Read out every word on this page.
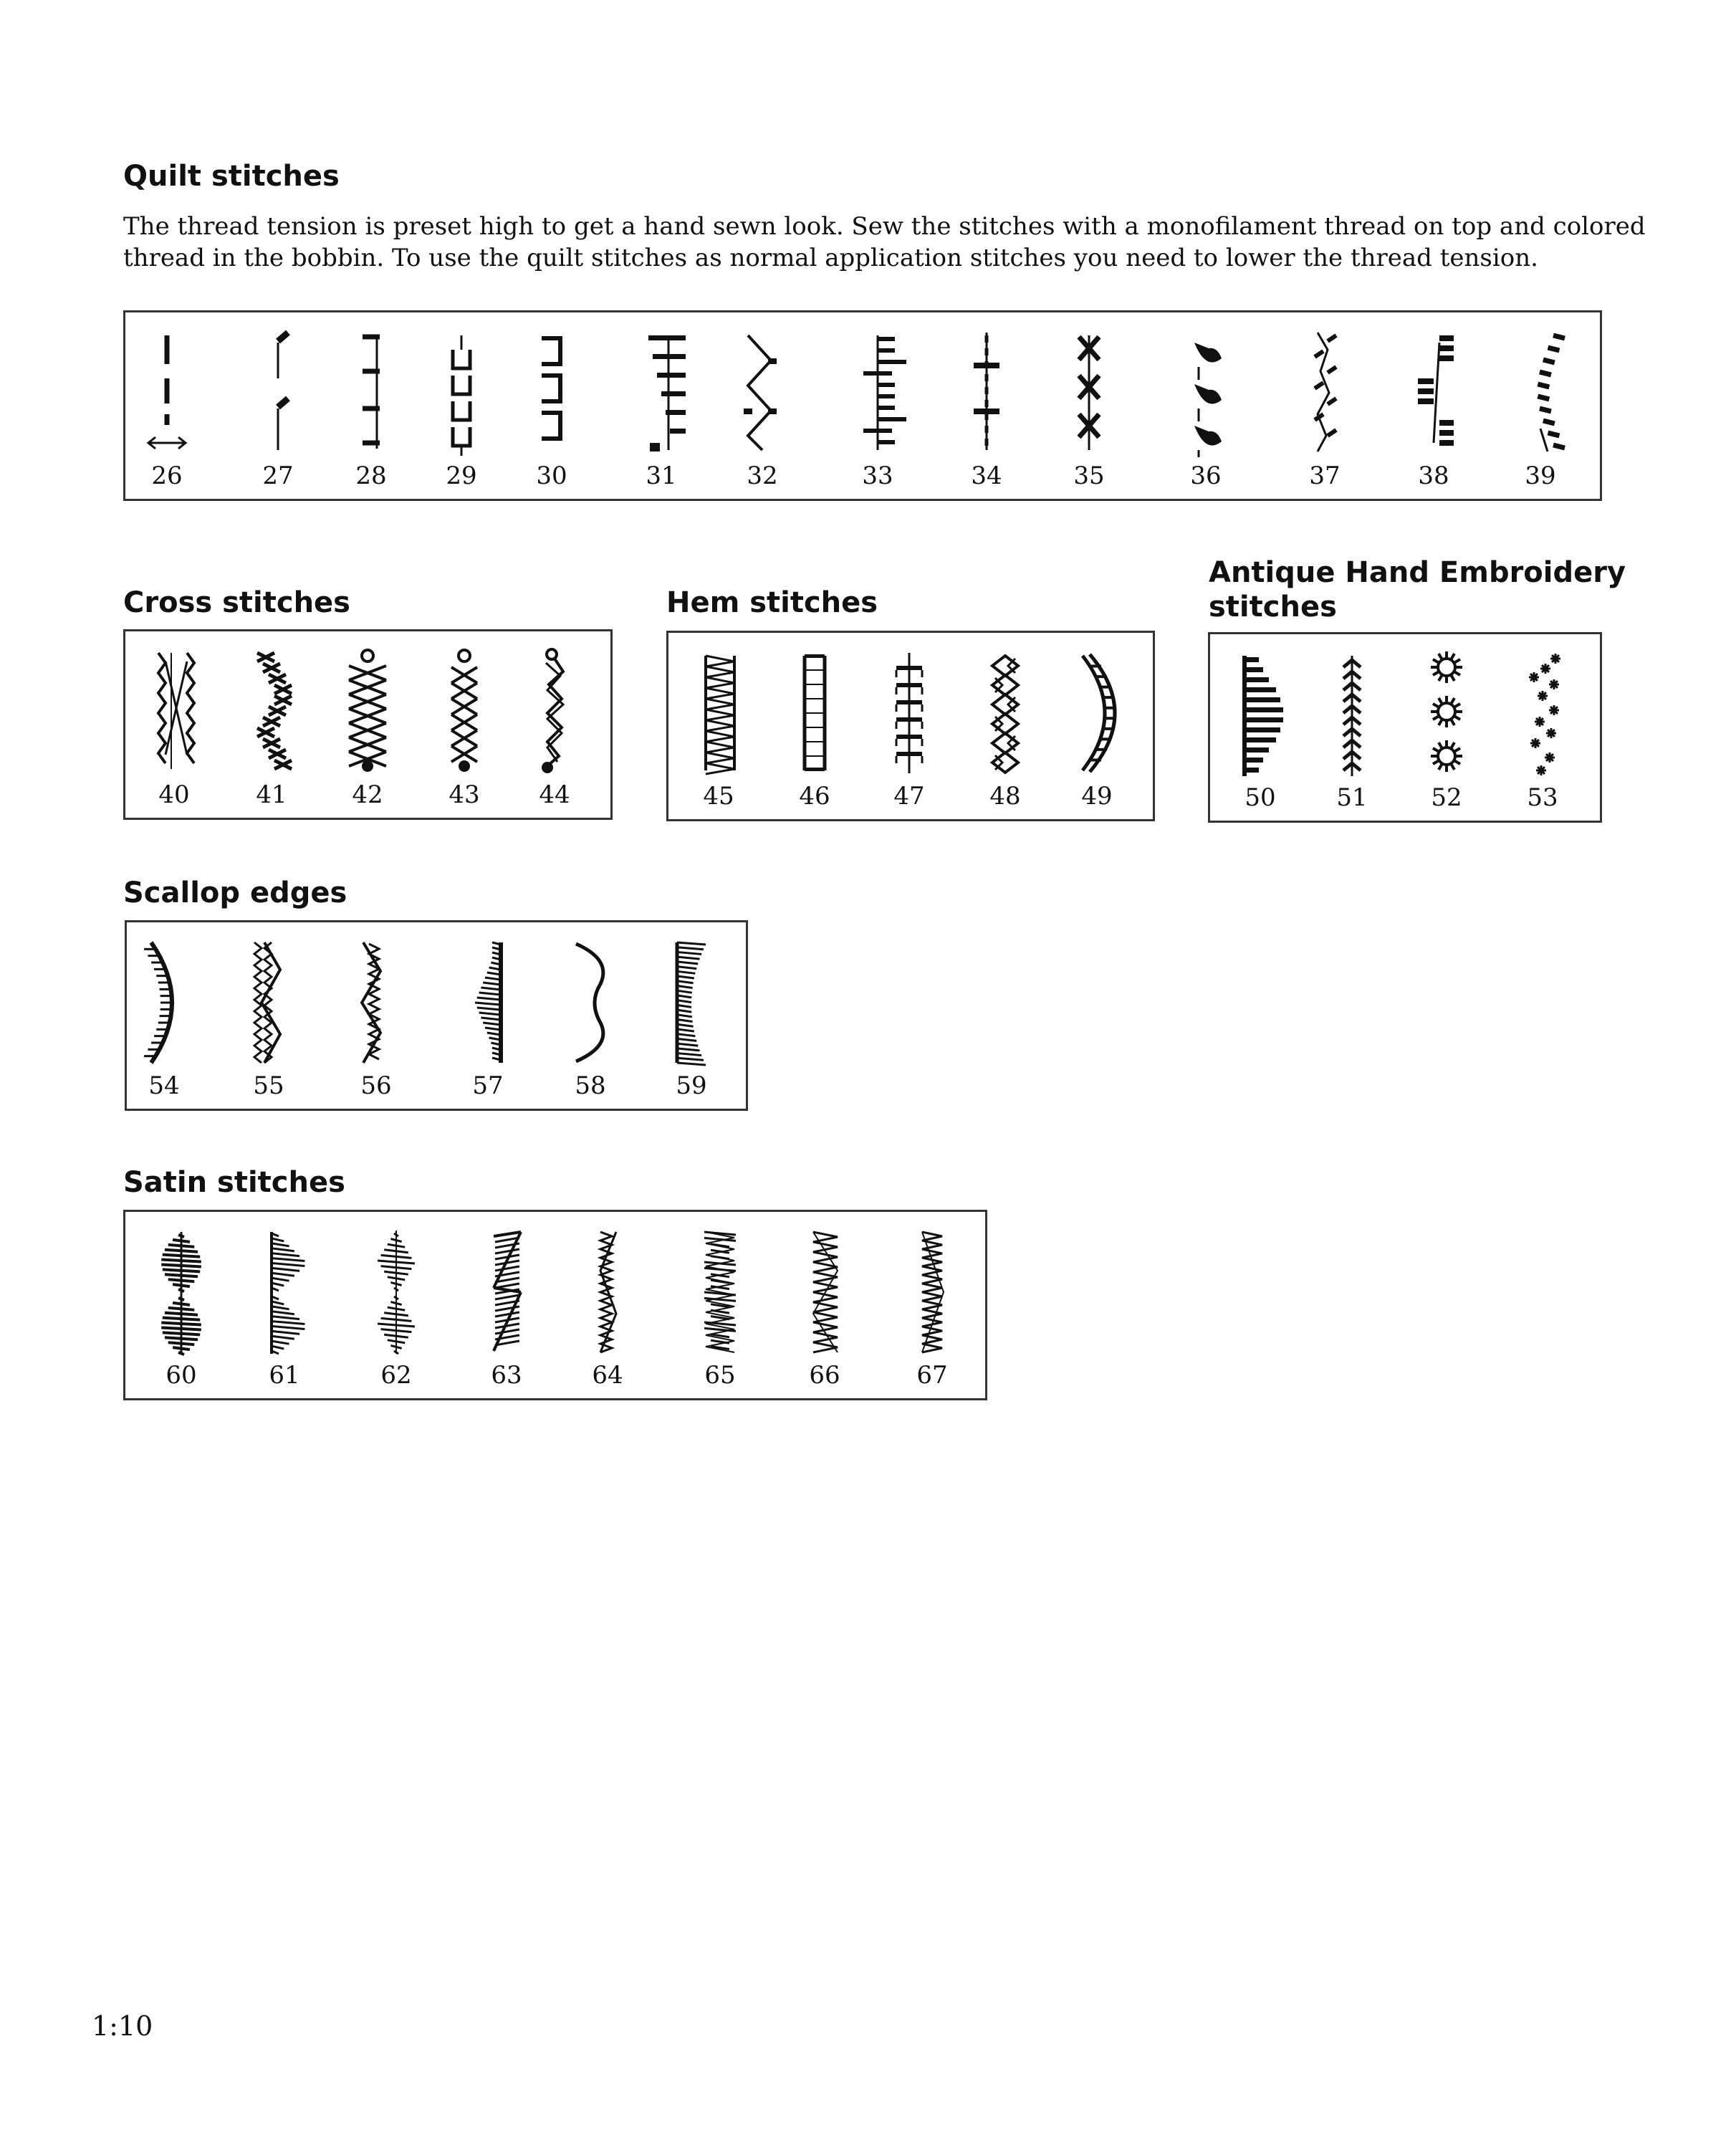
Quilt stitches
The thread tension is preset high to get a hand sewn look. Sew the stitches with a monofilament thread on top and colored
thread in the bobbin. To use the quilt stitches as normal application stitches you need to lower the thread tension.
26	27	28	29	30	31	32	33	34	35	36	37	38	39
Cross stitches
40	41	42	43	44
Hem stitches
45	46	47	48	49
Antique Hand Embroidery
stitches
50	51	52	53
Scallop edges
54	55	56	57	58	59
Satin stitches
60	61	62	63	64	65	66	67
1:10
